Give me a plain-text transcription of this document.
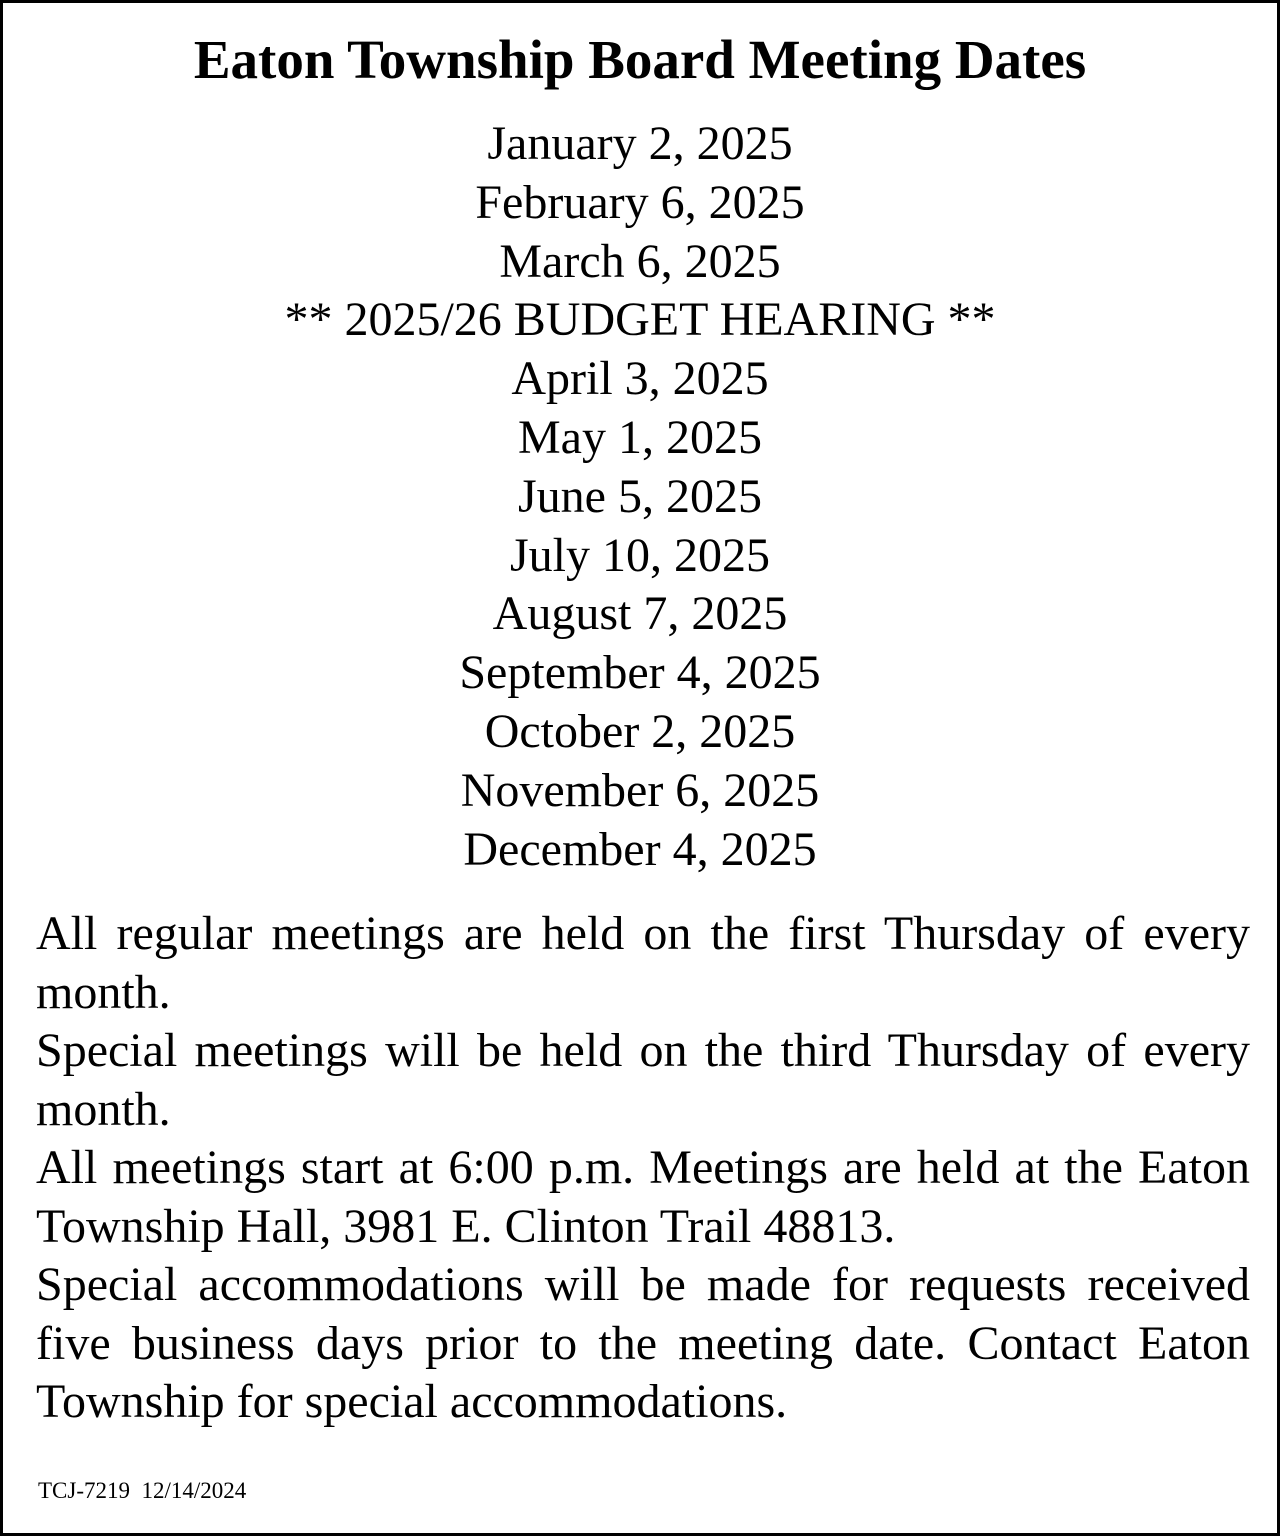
Eaton Township Board Meeting Dates
January 2, 2025
February 6, 2025
March 6, 2025
** 2025/26 BUDGET HEARING **
April 3, 2025
May 1, 2025
June 5, 2025
July 10, 2025
August 7, 2025
September 4, 2025
October 2, 2025
November 6, 2025
December 4, 2025

All regular meetings are held on the first Thursday of every month.

Special meetings will be held on the third Thursday of every month.

All meetings start at 6:00 p.m. Meetings are held at the Eaton Township Hall, 3981 E. Clinton Trail 48813.

Special accommodations will be made for requests received five business days prior to the meeting date. Contact Eaton Township for special accommodations.

TCJ-7219 12/14/2024
